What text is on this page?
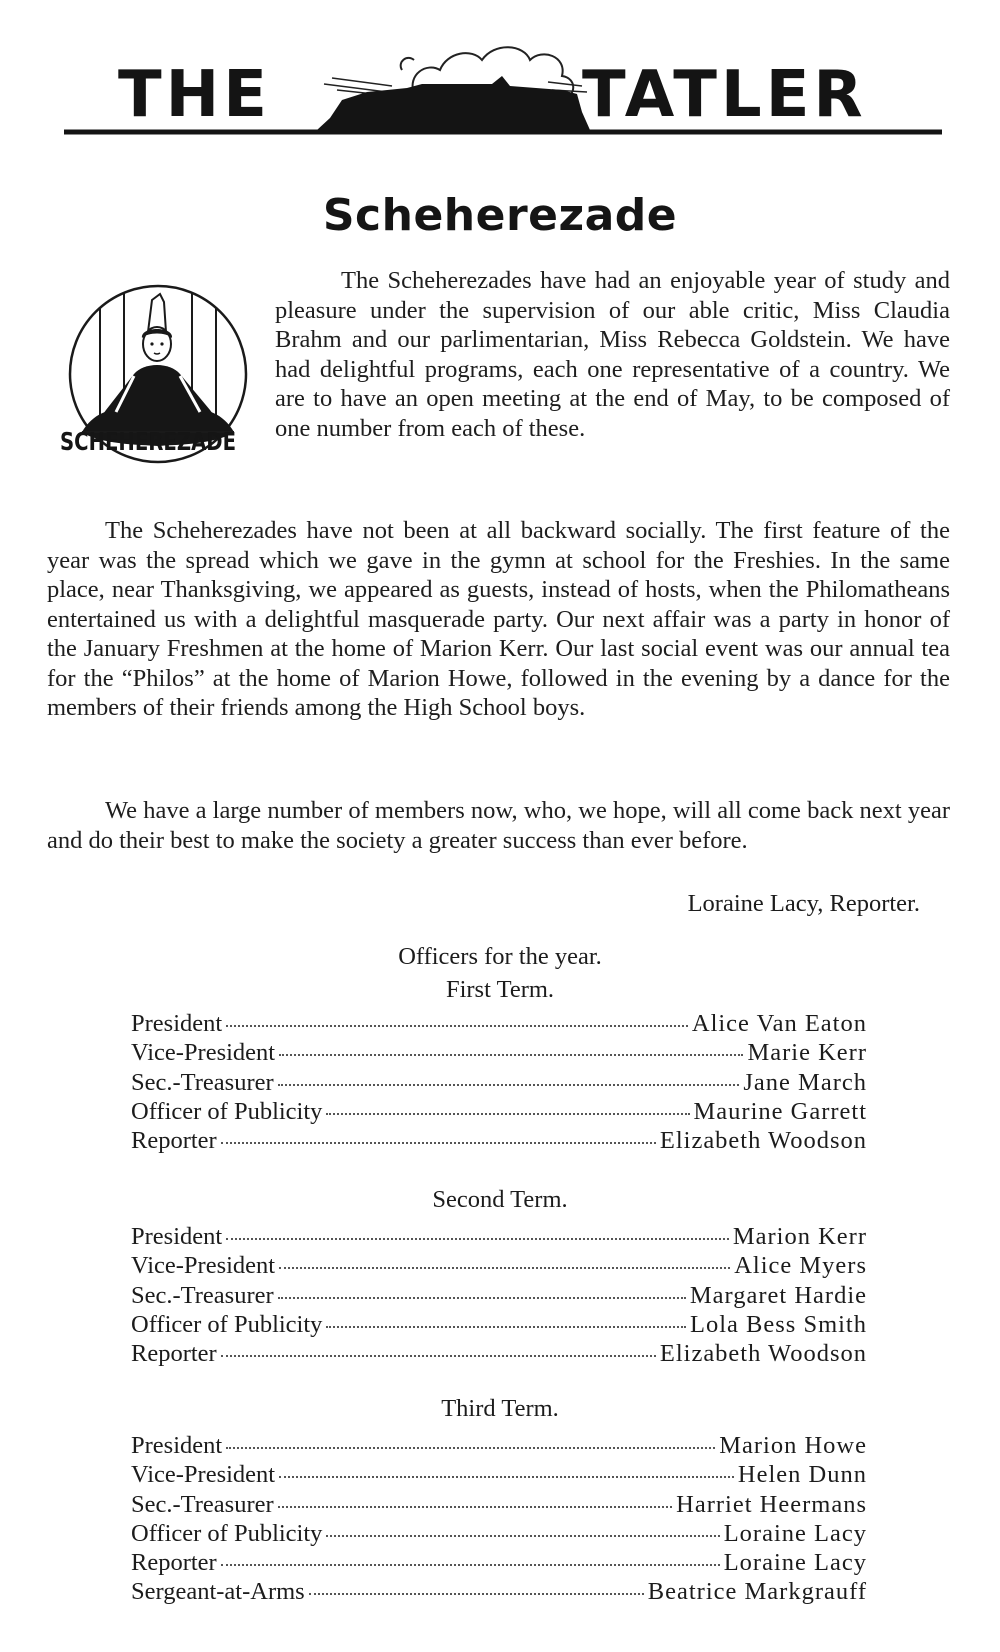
THE	TATLER
Scheherezade
SCHEHEREZADE

The Scheherezades have had an enjoyable year of study and pleasure under the supervision of our able critic, Miss Claudia Brahm and our parlimentarian, Miss Rebecca Goldstein. We have had delightful programs, each one representative of a country. We are to have an open meeting at the end of May, to be composed of one number from each of these.

The Scheherezades have not been at all backward socially. The first feature of the year was the spread which we gave in the gymn at school for the Freshies. In the same place, near Thanksgiving, we appeared as guests, instead of hosts, when the Philomatheans entertained us with a delightful masquerade party. Our next affair was a party in honor of the January Freshmen at the home of Marion Kerr. Our last social event was our annual tea for the “Philos” at the home of Marion Howe, followed in the evening by a dance for the members of their friends among the High School boys.

We have a large number of members now, who, we hope, will all come back next year and do their best to make the society a greater success than ever before.

Loraine Lacy, Reporter.
Officers for the year.
First Term.
President	Alice Van Eaton
Vice-President	Marie Kerr
Sec.-Treasurer	Jane March
Officer of Publicity	Maurine Garrett
Reporter	Elizabeth Woodson
Second Term.
President	Marion Kerr
Vice-President	Alice Myers
Sec.-Treasurer	Margaret Hardie
Officer of Publicity	Lola Bess Smith
Reporter	Elizabeth Woodson
Third Term.
President	Marion Howe
Vice-President	Helen Dunn
Sec.-Treasurer	Harriet Heermans
Officer of Publicity	Loraine Lacy
Reporter	Loraine Lacy
Sergeant-at-Arms	Beatrice Markgrauff
